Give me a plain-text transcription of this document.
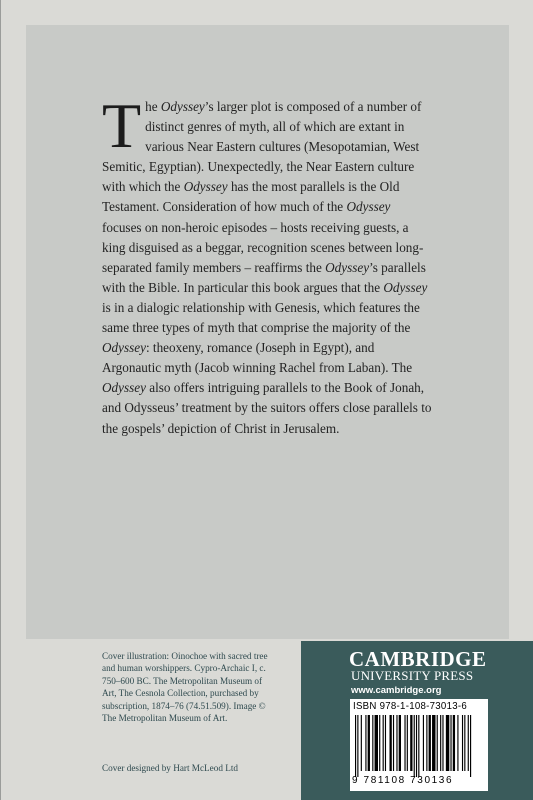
The Odyssey’s larger plot is composed of a number of distinct genres of myth, all of which are extant in various Near Eastern cultures (Mesopotamian, West Semitic, Egyptian). Unexpectedly, the Near Eastern culture with which the Odyssey has the most parallels is the Old Testament. Consideration of how much of the Odyssey focuses on non-heroic episodes – hosts receiving guests, a king disguised as a beggar, recognition scenes between long-separated family members – reaffirms the Odyssey’s parallels with the Bible. In particular this book argues that the Odyssey is in a dialogic relationship with Genesis, which features the same three types of myth that comprise the majority of the Odyssey: theoxeny, romance (Joseph in Egypt), and Argonautic myth (Jacob winning Rachel from Laban). The Odyssey also offers intriguing parallels to the Book of Jonah, and Odysseus’ treatment by the suitors offers close parallels to the gospels’ depiction of Christ in Jerusalem.

Cover illustration: Oinochoe with sacred tree and human worshippers. Cypro-Archaic I, c. 750–600 BC. The Metropolitan Museum of Art, The Cesnola Collection, purchased by subscription, 1874–76 (74.51.509). Image © The Metropolitan Museum of Art.

Cover designed by Hart McLeod Ltd

CAMBRIDGE
UNIVERSITY PRESS
www.cambridge.org
ISBN 978-1-108-73013-6
9 781108 730136
